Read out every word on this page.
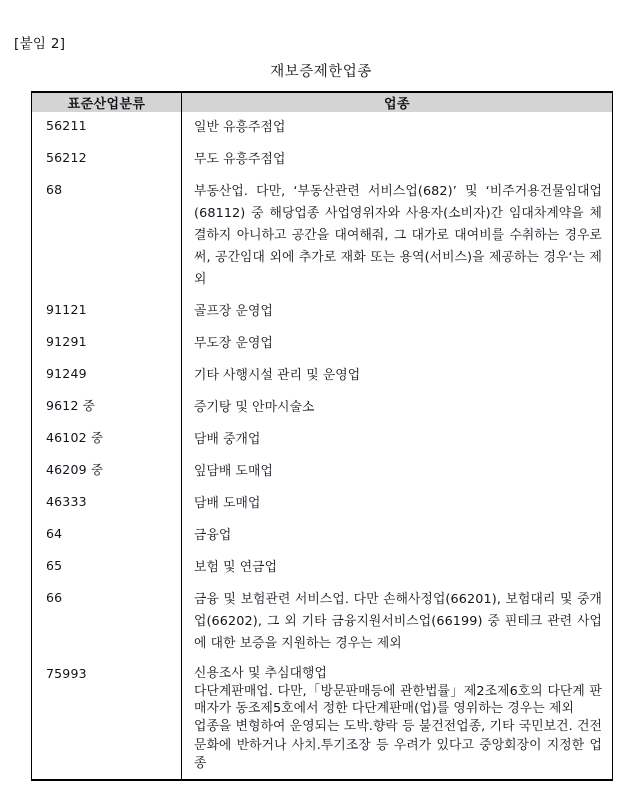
[붙임 2]
재보증제한업종
표준산업분류	업종
56211	일반 유흥주점업
56212	무도 유흥주점업
68	부동산업. 다만, ‘부동산관련 서비스업(682)’ 및 ‘비주거용건물임대업(68112) 중 해당업종 사업영위자와 사용자(소비자)간 임대차계약을 체결하지 아니하고 공간을 대여해줘, 그 대가로 대여비를 수취하는 경우로써, 공간임대 외에 추가로 재화 또는 용역(서비스)을 제공하는 경우‘는 제외
91121	골프장 운영업
91291	무도장 운영업
91249	기타 사행시설 관리 및 운영업
9612 중	증기탕 및 안마시술소
46102 중	담배 중개업
46209 중	잎담배 도매업
46333	담배 도매업
64	금융업
65	보험 및 연금업
66	금융 및 보험관련 서비스업. 다만 손해사정업(66201), 보험대리 및 중개업(66202), 그 외 기타 금융지원서비스업(66199) 중 핀테크 관련 사업에 대한 보증을 지원하는 경우는 제외
75993	신용조사 및 추심대행업

다단계판매업. 다만,「방문판매등에 관한법률」제2조제6호의 다단계 판매자가 동조제5호에서 정한 다단계판매(업)를 영위하는 경우는 제외

업종을 변형하여 운영되는 도박.향락 등 불건전업종, 기타 국민보건. 건전문화에 반하거나 사치.투기조장 등 우려가 있다고 중앙회장이 지정한 업종
